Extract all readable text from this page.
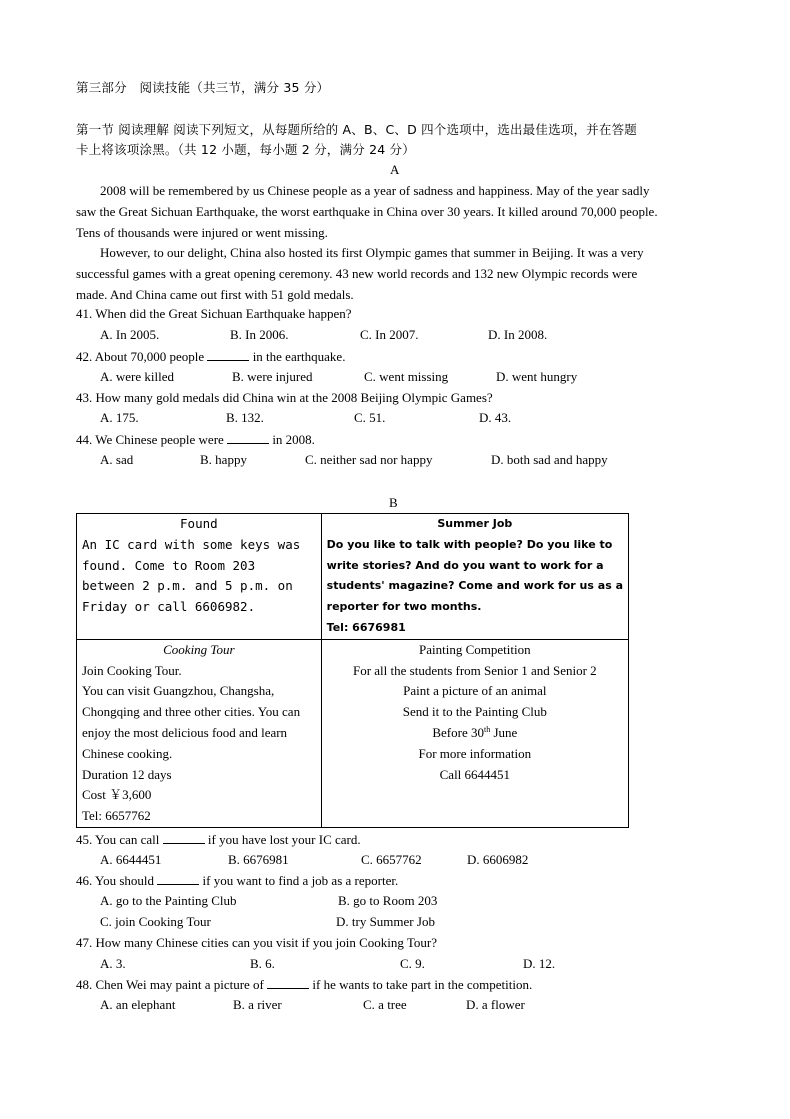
第三部分　阅读技能（共三节，满分 35 分）
第一节 阅读理解 阅读下列短文，从每题所给的 A、B、C、D 四个选项中，选出最佳选项，并在答题
卡上将该项涂黑。（共 12 小题，每小题 2 分，满分 24 分）
A
2008 will be remembered by us Chinese people as a year of sadness and happiness. May of the year sadly
saw the Great Sichuan Earthquake, the worst earthquake in China over 30 years. It killed around 70,000 people.
Tens of thousands were injured or went missing.
However, to our delight, China also hosted its first Olympic games that summer in Beijing. It was a very
successful games with a great opening ceremony. 43 new world records and 132 new Olympic records were
made. And China came out first with 51 gold medals.
41. When did the Great Sichuan Earthquake happen?
A. In 2005.	B. In 2006.	C. In 2007.	D. In 2008.
42. About 70,000 people	in the earthquake.
A. were killed	B. were injured	C. went missing	D. went hungry
43. How many gold medals did China win at the 2008 Beijing Olympic Games?
A. 175.	B. 132.	C. 51.	D. 43.
44. We Chinese people were	in 2008.
A. sad	B. happy	C. neither sad nor happy	D. both sad and happy
B
Found
An IC card with some keys was
found. Come to Room 203
between 2 p.m. and 5 p.m. on
Friday or call 6606982.

Summer Job
Do you like to talk with people? Do you like to
write stories? And do you want to work for a
students' magazine? Come and work for us as a
reporter for two months.
Tel: 6676981

Cooking Tour
Join Cooking Tour.
You can visit Guangzhou, Changsha,
Chongqing and three other cities. You can
enjoy the most delicious food and learn
Chinese cooking.
Duration 12 days
Cost ￥3,600
Tel: 6657762

Painting Competition
For all the students from Senior 1 and Senior 2
Paint a picture of an animal
Send it to the Painting Club
Before 30th June
For more information
Call 6644451
45. You can call	if you have lost your IC card.
A. 6644451	B. 6676981	C. 6657762	D. 6606982
46. You should	if you want to find a job as a reporter.
A. go to the Painting Club	B. go to Room 203
C. join Cooking Tour	D. try Summer Job
47. How many Chinese cities can you visit if you join Cooking Tour?
A. 3.	B. 6.	C. 9.	D. 12.
48. Chen Wei may paint a picture of	if he wants to take part in the competition.
A. an elephant	B. a river	C. a tree	D. a flower
